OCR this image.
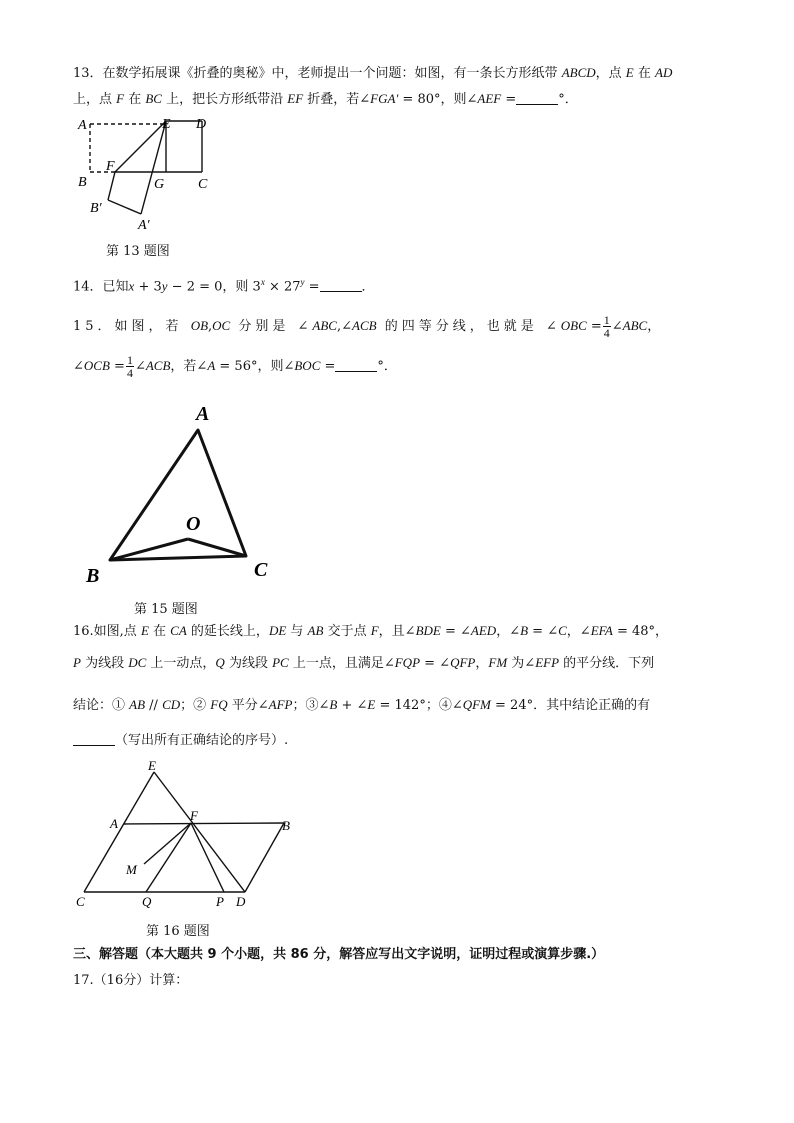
13．在数学拓展课《折叠的奥秘》中，老师提出一个问题：如图，有一条长方形纸带 ABCD，点 E 在 AD
上，点 F 在 BC 上，把长方形纸带沿 EF 折叠，若∠FGA′ = 80°，则∠AEF =	°．
A	E D
F
B	G C
B′
A′
第 13 题图
14．已知x + 3y − 2 = 0，则 $3^x \times 27^y$ =	．
15．如图，若 OB,OC 分别是 ∠ABC,∠ACB 的四等分线，也就是 ∠OBC = $\frac{1}{4}$ ∠ABC，
∠OCB = $\frac{1}{4}$ ∠ACB，若∠A = 56°，则∠BOC =	°．
A
O
B	C
第 15 题图
16.如图,点 E 在 CA 的延长线上，DE 与 AB 交于点 F，且∠BDE = ∠AED，∠B = ∠C，∠EFA = 48°，
P 为线段 DC 上一动点，Q 为线段 PC 上一点，且满足∠FQP = ∠QFP，FM 为∠EFP 的平分线．下列
结论：① AB // CD；② FQ 平分∠AFP；③∠B + ∠E = 142°；④∠QFM = 24°．其中结论正确的有
（写出所有正确结论的序号）.
E
A
F
B
M
C	Q	P D
第 16 题图
三、解答题（本大题共 9 个小题，共 86 分，解答应写出文字说明，证明过程或演算步骤.）
17.（16分）计算：
